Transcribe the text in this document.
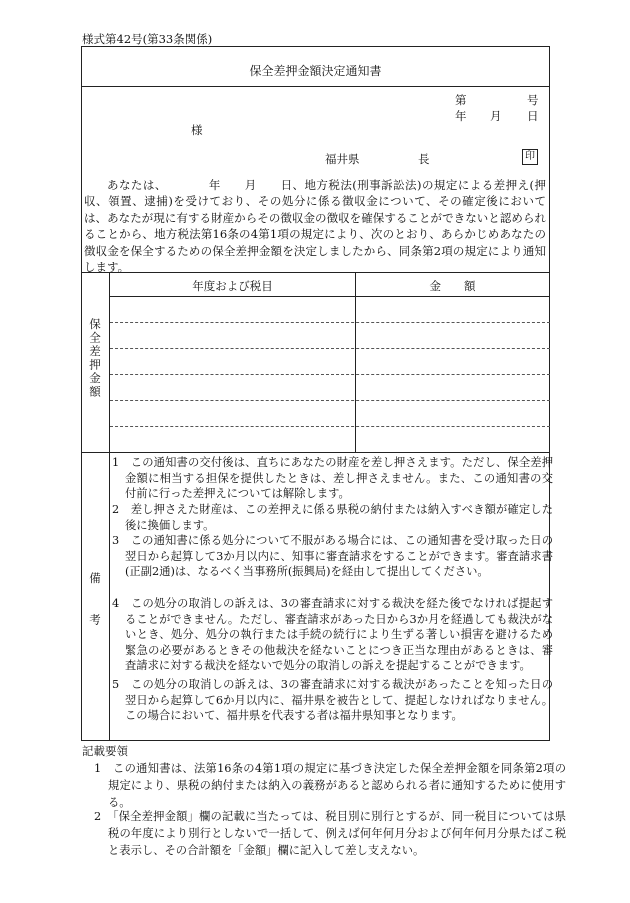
様式第42号(第33条関係)
保全差押金額決定通知書
第	号
年 月 日
様
福井県	長	印
あなたは、　　　　年　　月　　日、地方税法(刑事訴訟法)の規定による差押え(押収、領置、逮捕)を受けており、その処分に係る徴収金について、その確定後においては、あなたが現に有する財産からその徴収金の徴収を確保することができないと認められることから、地方税法第16条の4第1項の規定により、次のとおり、あらかじめあなたの徴収金を保全するための保全差押金額を決定しましたから、同条第2項の規定により通知します。
年度および税目	金　　額
保全差押金額
備考
1　この通知書の交付後は、直ちにあなたの財産を差し押さえます。ただし、保全差押金額に相当する担保を提供したときは、差し押さえません。また、この通知書の交付前に行った差押えについては解除します。
2　差し押さえた財産は、この差押えに係る県税の納付または納入すべき額が確定した後に換価します。
3　この通知書に係る処分について不服がある場合には、この通知書を受け取った日の翌日から起算して3か月以内に、知事に審査請求をすることができます。審査請求書(正副2通)は、なるべく当事務所(振興局)を経由して提出してください。
4　この処分の取消しの訴えは、3の審査請求に対する裁決を経た後でなければ提起することができません。ただし、審査請求があった日から3か月を経過しても裁決がないとき、処分、処分の執行または手続の続行により生ずる著しい損害を避けるため緊急の必要があるときその他裁決を経ないことにつき正当な理由があるときは、審査請求に対する裁決を経ないで処分の取消しの訴えを提起することができます。
5　この処分の取消しの訴えは、3の審査請求に対する裁決があったことを知った日の翌日から起算して6か月以内に、福井県を被告として、提起しなければなりません。この場合において、福井県を代表する者は福井県知事となります。
記載要領
1　この通知書は、法第16条の4第1項の規定に基づき決定した保全差押金額を同条第2項の規定により、県税の納付または納入の義務があると認められる者に通知するために使用する。
2　「保全差押金額」欄の記載に当たっては、税目別に別行とするが、同一税目については県税の年度により別行としないで一括して、例えば何年何月分および何年何月分県たばこ税と表示し、その合計額を「金額」欄に記入して差し支えない。
